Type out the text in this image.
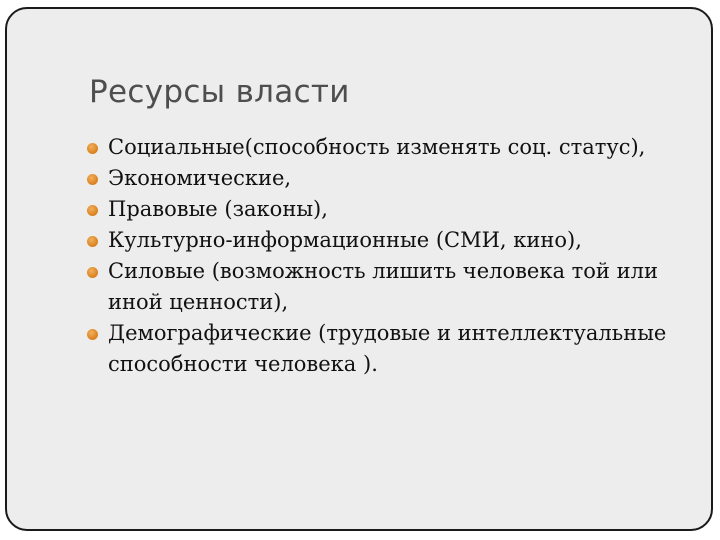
Ресурсы власти
Социальные(способность изменять соц. статус),
Экономические,
Правовые (законы),
Культурно-информационные (СМИ, кино),
Силовые (возможность лишить человека той или иной ценности),
Демографические (трудовые и интеллектуальные способности человека ).
